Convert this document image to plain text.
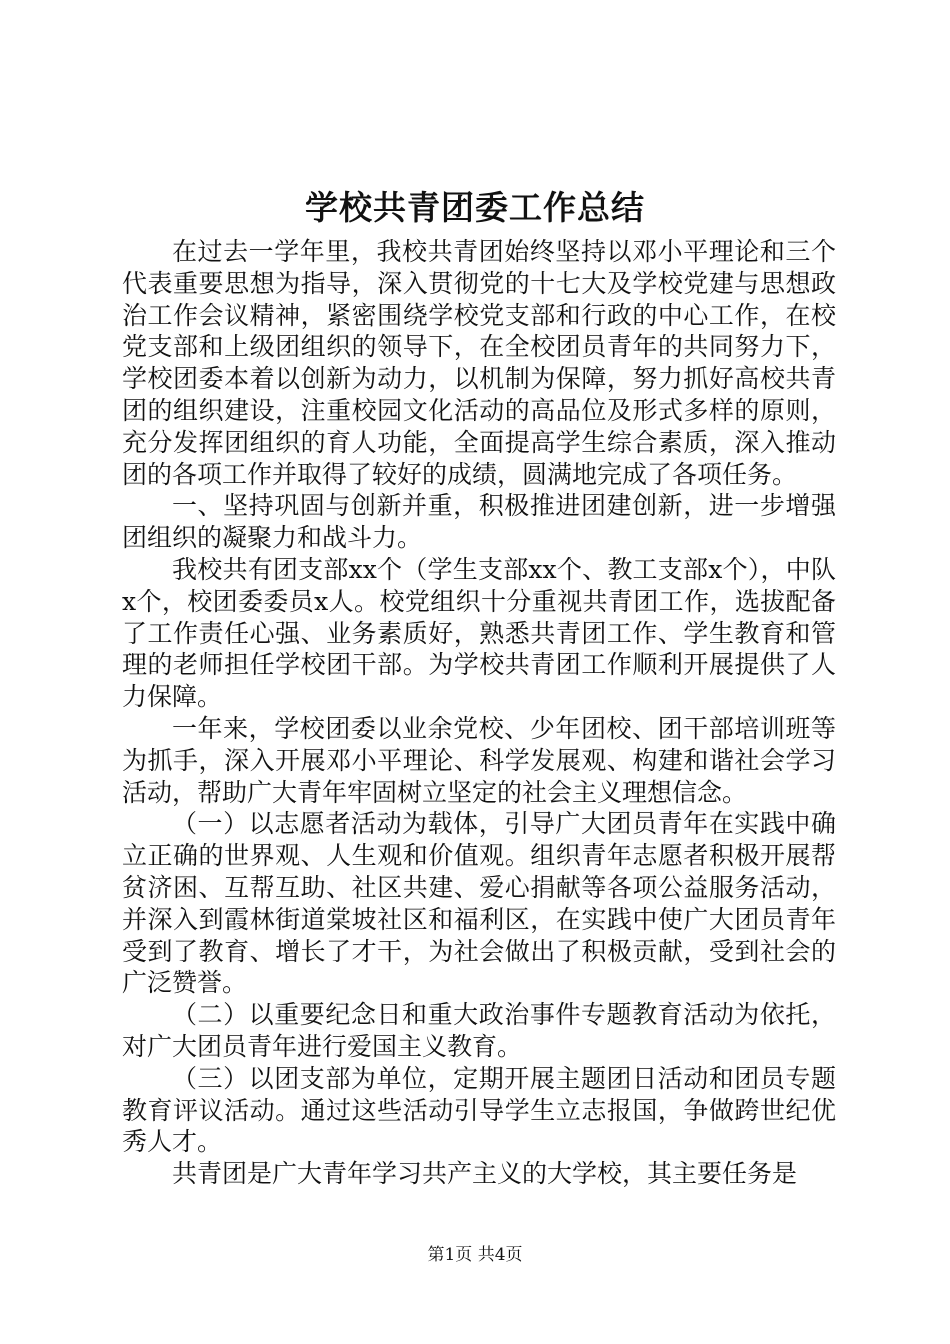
学校共青团委工作总结

在过去一学年里，我校共青团始终坚持以邓小平理论和三个代表重要思想为指导，深入贯彻党的十七大及学校党建与思想政治工作会议精神，紧密围绕学校党支部和行政的中心工作，在校党支部和上级团组织的领导下，在全校团员青年的共同努力下，学校团委本着以创新为动力，以机制为保障，努力抓好高校共青团的组织建设，注重校园文化活动的高品位及形式多样的原则，充分发挥团组织的育人功能，全面提高学生综合素质，深入推动团的各项工作并取得了较好的成绩，圆满地完成了各项任务。

一、坚持巩固与创新并重，积极推进团建创新，进一步增强团组织的凝聚力和战斗力。

我校共有团支部xx个（学生支部xx个、教工支部x个），中队x个，校团委委员x人。校党组织十分重视共青团工作，选拔配备了工作责任心强、业务素质好，熟悉共青团工作、学生教育和管理的老师担任学校团干部。为学校共青团工作顺利开展提供了人力保障。

一年来，学校团委以业余党校、少年团校、团干部培训班等为抓手，深入开展邓小平理论、科学发展观、构建和谐社会学习活动，帮助广大青年牢固树立坚定的社会主义理想信念。

（一）以志愿者活动为载体，引导广大团员青年在实践中确立正确的世界观、人生观和价值观。组织青年志愿者积极开展帮贫济困、互帮互助、社区共建、爱心捐献等各项公益服务活动，并深入到霞林街道棠坡社区和福利区，在实践中使广大团员青年受到了教育、增长了才干，为社会做出了积极贡献，受到社会的广泛赞誉。

（二）以重要纪念日和重大政治事件专题教育活动为依托，对广大团员青年进行爱国主义教育。

（三）以团支部为单位，定期开展主题团日活动和团员专题教育评议活动。通过这些活动引导学生立志报国，争做跨世纪优秀人才。

共青团是广大青年学习共产主义的大学校，其主要任务是

第1页 共4页
